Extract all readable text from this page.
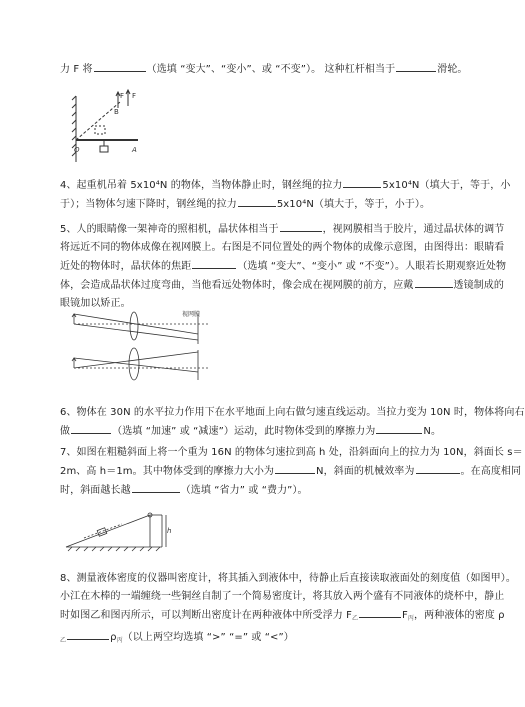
力 F 将	（选填 “变大”、“变小”、或 “不变”）。 这种杠杆相当于	滑轮。
F
B
F
O	A
4、起重机吊着 5x10⁴N 的物体，当物体静止时，钢丝绳的拉力	5x10⁴N（填大于，等于，小
于）；当物体匀速下降时，钢丝绳的拉力	5x10⁴N（填大于，等于，小于）。
5、人的眼睛像一架神奇的照相机，晶状体相当于	，视网膜相当于胶片，通过晶状体的调节
将远近不同的物体成像在视网膜上。右图是不同位置处的两个物体的成像示意图，由图得出：眼睛看
近处的物体时，晶状体的焦距	（选填 “变大”、“变小” 或 “不变”）。人眼若长期观察近处物
体，会造成晶状体过度弯曲，当他看远处物体时，像会成在视网膜的前方，应戴	透镜制成的
眼镜加以矫正。
视网膜
6、物体在 30N 的水平拉力作用下在水平地面上向右做匀速直线运动。当拉力变为 10N 时，物体将向右
做	（选填 “加速” 或 “减速”）运动，此时物体受到的摩擦力为	N。
7、如图在粗糙斜面上将一个重为 16N 的物体匀速拉到高 h 处，沿斜面向上的拉力为 10N，斜面长 s＝
2m、高 h＝1m。其中物体受到的摩擦力大小为	N，斜面的机械效率为	。在高度相同
时，斜面越长越	（选填 “省力” 或 “费力”）。
h
8、测量液体密度的仪器叫密度计，将其插入到液体中，待静止后直接读取液面处的刻度值（如图甲）。
小江在木棒的一端缠绕一些铜丝自制了一个简易密度计，将其放入两个盛有不同液体的烧杯中，静止
时如图乙和图丙所示，可以判断出密度计在两种液体中所受浮力 $F_乙$	$F_丙$，两种液体的密度 ρ
$_乙$	$\rho_丙$（以上两空均选填 “>” “=” 或 “<”）
